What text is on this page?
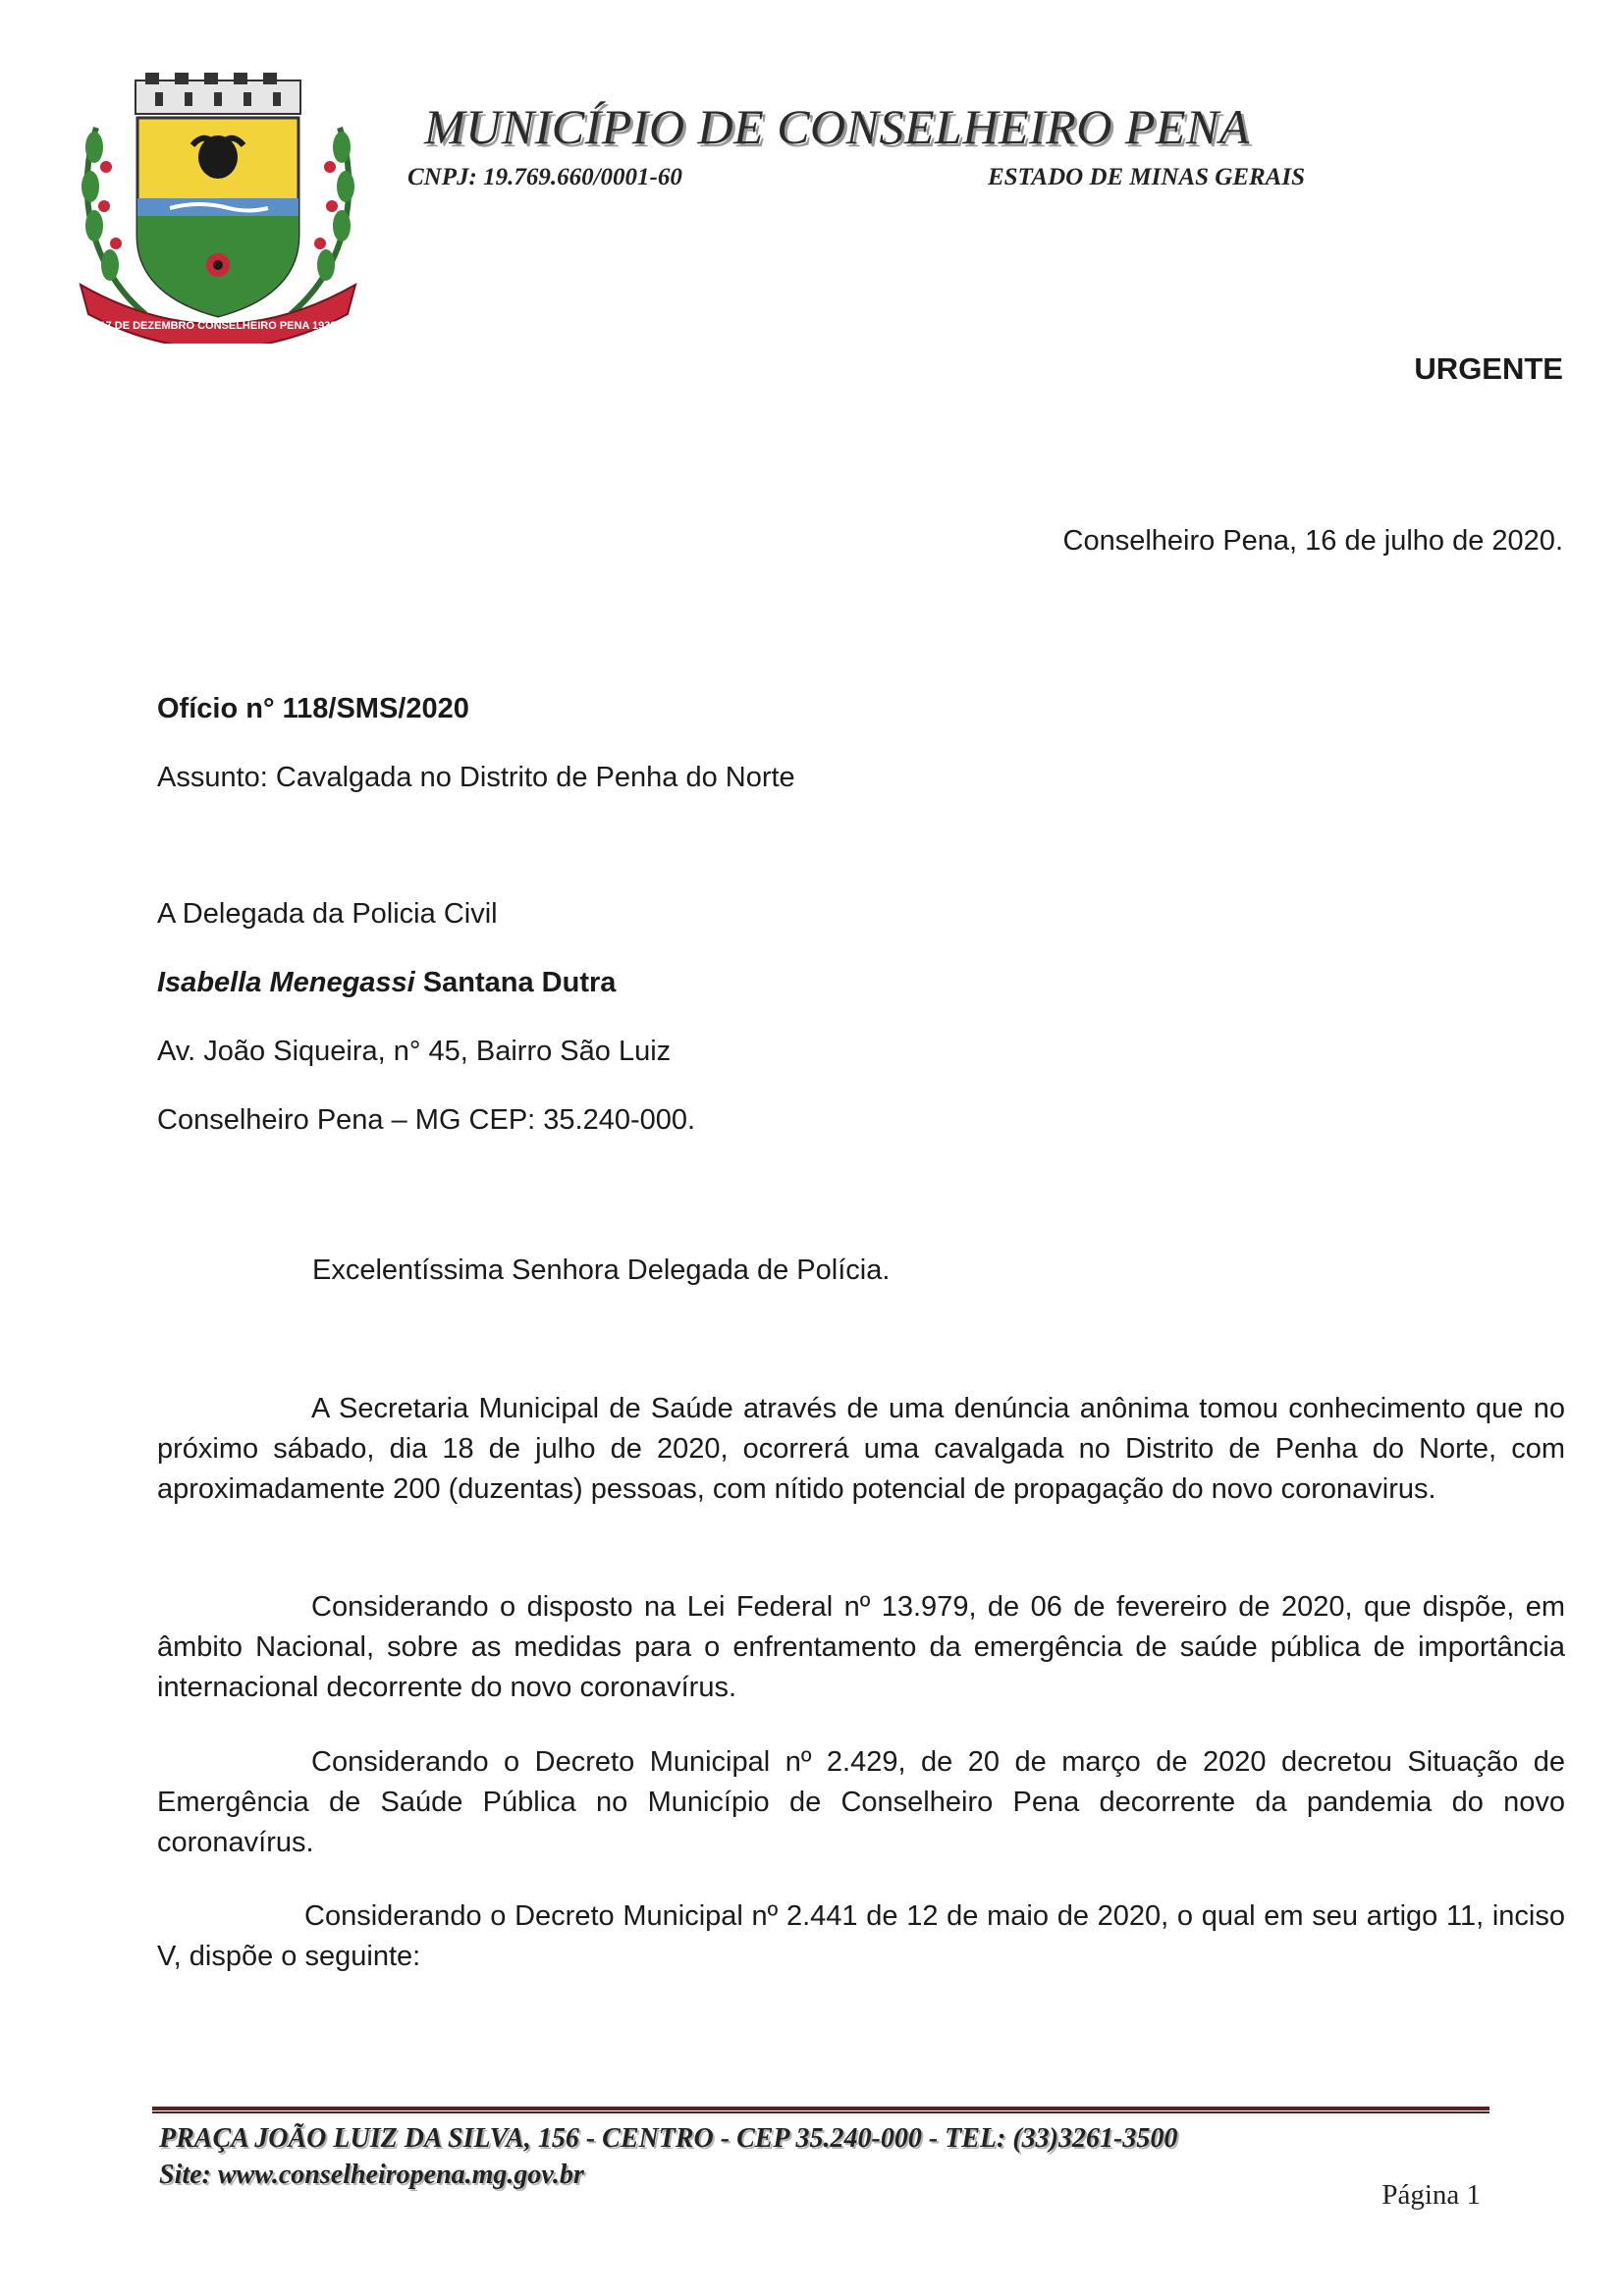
17 DE DEZEMBRO CONSELHEIRO PENA 1938
MUNICÍPIO DE CONSELHEIRO PENA
CNPJ: 19.769.660/0001-60	ESTADO DE MINAS GERAIS
URGENTE
Conselheiro Pena, 16 de julho de 2020.
Ofício n° 118/SMS/2020
Assunto: Cavalgada no Distrito de Penha do Norte
A Delegada da Policia Civil
Isabella Menegassi Santana Dutra
Av. João Siqueira, n° 45, Bairro São Luiz
Conselheiro Pena – MG CEP: 35.240-000.
Excelentíssima Senhora Delegada de Polícia.

A Secretaria Municipal de Saúde através de uma denúncia anônima tomou conhecimento que no próximo sábado, dia 18 de julho de 2020, ocorrerá uma cavalgada no Distrito de Penha do Norte, com aproximadamente 200 (duzentas) pessoas, com nítido potencial de propagação do novo coronavirus.

Considerando o disposto na Lei Federal nº 13.979, de 06 de fevereiro de 2020, que dispõe, em âmbito Nacional, sobre as medidas para o enfrentamento da emergência de saúde pública de importância internacional decorrente do novo coronavírus.

Considerando o Decreto Municipal nº 2.429, de 20 de março de 2020 decretou Situação de Emergência de Saúde Pública no Município de Conselheiro Pena decorrente da pandemia do novo coronavírus.

Considerando o Decreto Municipal nº 2.441 de 12 de maio de 2020, o qual em seu artigo 11, inciso V, dispõe o seguinte:

PRAÇA JOÃO LUIZ DA SILVA, 156 - CENTRO - CEP 35.240-000 - TEL: (33)3261-3500
Site: www.conselheiropena.mg.gov.br
Página 1
